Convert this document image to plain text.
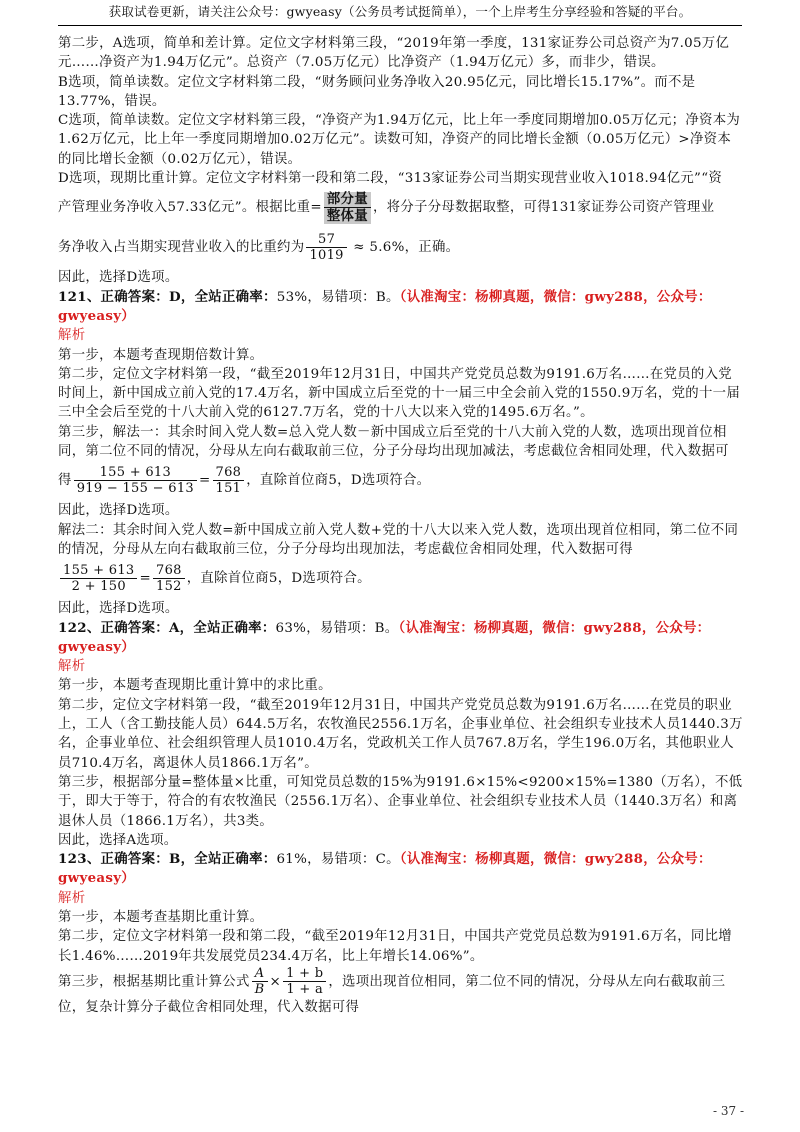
获取试卷更新，请关注公众号：gwyeasy（公务员考试挺简单），一个上岸考生分享经验和答疑的平台。

第二步，A选项，简单和差计算。定位文字材料第三段，“2019年第一季度，131家证券公司总资产为7.05万亿元……净资产为1.94万亿元”。总资产（7.05万亿元）比净资产（1.94万亿元）多，而非少，错误。

B选项，简单读数。定位文字材料第二段，“财务顾问业务净收入20.95亿元，同比增长15.17%”。而不是13.77%，错误。

C选项，简单读数。定位文字材料第三段，“净资产为1.94万亿元，比上年一季度同期增加0.05万亿元；净资本为1.62万亿元，比上年一季度同期增加0.02万亿元”。读数可知，净资产的同比增长金额（0.05万亿元）>净资本的同比增长金额（0.02万亿元），错误。

D选项，现期比重计算。定位文字材料第一段和第二段，“313家证券公司当期实现营业收入1018.94亿元”“资

产管理业务净收入57.33亿元”。根据比重= $\frac{\text{部分量}}{\text{整体量}}$ ，将分子分母数据取整，可得131家证券公司资产管理业

务净收入占当期实现营业收入的比重约为 $\frac{57}{1019} \approx 5.6\%$，正确。

因此，选择D选项。

121、正确答案：D，全站正确率：53%，易错项：B。（认准淘宝：杨柳真题，微信：gwy288，公众号：gwyeasy）

解析

第一步，本题考查现期倍数计算。

第二步，定位文字材料第一段，“截至2019年12月31日，中国共产党党员总数为9191.6万名……在党员的入党时间上，新中国成立前入党的17.4万名，新中国成立后至党的十一届三中全会前入党的1550.9万名，党的十一届三中全会后至党的十八大前入党的6127.7万名，党的十八大以来入党的1495.6万名。”。

第三步，解法一：其余时间入党人数=总入党人数－新中国成立后至党的十八大前入党的人数，选项出现首位相同，第二位不同的情况，分母从左向右截取前三位，分子分母均出现加减法，考虑截位舍相同处理，代入数据可

得 $\frac{155 + 613}{919 - 155 - 613} = \frac{768}{151}$ ，直除首位商5，D选项符合。

因此，选择D选项。

解法二：其余时间入党人数=新中国成立前入党人数+党的十八大以来入党人数，选项出现首位相同，第二位不同的情况，分母从左向右截取前三位，分子分母均出现加法，考虑截位舍相同处理，代入数据可得

$\frac{155 + 613}{2 + 150} = \frac{768}{152}$ ，直除首位商5，D选项符合。

因此，选择D选项。

122、正确答案：A，全站正确率：63%，易错项：B。（认准淘宝：杨柳真题，微信：gwy288，公众号：gwyeasy）

解析

第一步，本题考查现期比重计算中的求比重。

第二步，定位文字材料第一段，“截至2019年12月31日，中国共产党党员总数为9191.6万名……在党员的职业上，工人（含工勤技能人员）644.5万名，农牧渔民2556.1万名，企事业单位、社会组织专业技术人员1440.3万名，企事业单位、社会组织管理人员1010.4万名，党政机关工作人员767.8万名，学生196.0万名，其他职业人员710.4万名，离退休人员1866.1万名”。

第三步，根据部分量=整体量×比重，可知党员总数的15%为9191.6×15%<9200×15%=1380（万名），不低于，即大于等于，符合的有农牧渔民（2556.1万名）、企事业单位、社会组织专业技术人员（1440.3万名）和离退休人员（1866.1万名），共3类。

因此，选择A选项。

123、正确答案：B，全站正确率：61%，易错项：C。（认准淘宝：杨柳真题，微信：gwy288，公众号：gwyeasy）

解析

第一步，本题考查基期比重计算。

第二步，定位文字材料第一段和第二段，“截至2019年12月31日，中国共产党党员总数为9191.6万名，同比增长1.46%……2019年共发展党员234.4万名，比上年增长14.06%”。

第三步，根据基期比重计算公式 $\frac{A}{B} \times \frac{1 + b}{1 + a}$ ，选项出现首位相同，第二位不同的情况，分母从左向右截取前三位，复杂计算分子截位舍相同处理，代入数据可得

- 37 -
